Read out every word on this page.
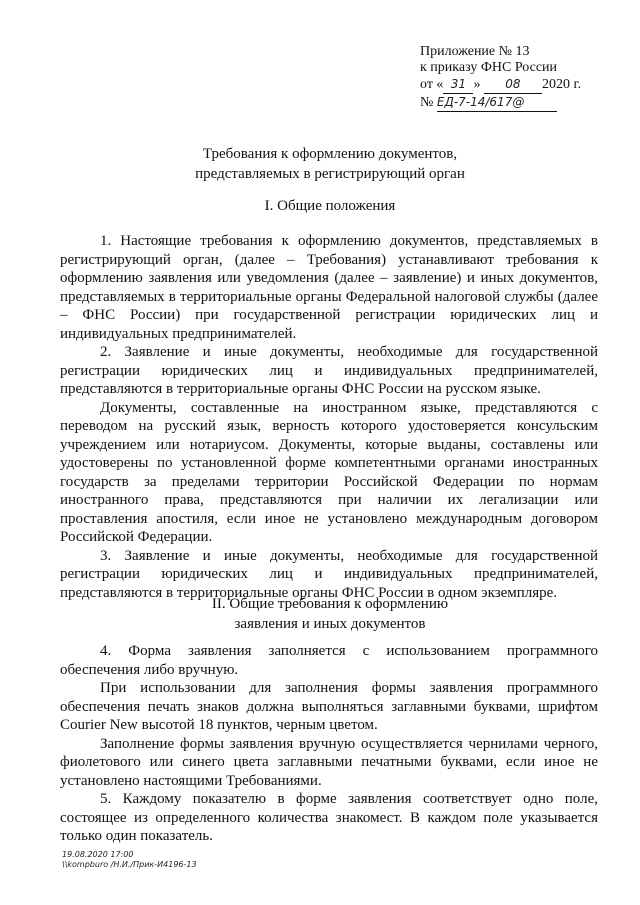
Приложение № 13
к приказу ФНС России
от « 31 » 08 2020 г.
№ ЕД-7-14/617@
Требования к оформлению документов,
представляемых в регистрирующий орган
I. Общие положения

1. Настоящие требования к оформлению документов, представляемых в регистрирующий орган, (далее – Требования) устанавливают требования к оформлению заявления или уведомления (далее – заявление) и иных документов, представляемых в территориальные органы Федеральной налоговой службы (далее – ФНС России) при государственной регистрации юридических лиц и индивидуальных предпринимателей.

2. Заявление и иные документы, необходимые для государственной регистрации юридических лиц и индивидуальных предпринимателей, представляются в территориальные органы ФНС России на русском языке.

Документы, составленные на иностранном языке, представляются с переводом на русский язык, верность которого удостоверяется консульским учреждением или нотариусом. Документы, которые выданы, составлены или удостоверены по установленной форме компетентными органами иностранных государств за пределами территории Российской Федерации по нормам иностранного права, представляются при наличии их легализации или проставления апостиля, если иное не установлено международным договором Российской Федерации.

3. Заявление и иные документы, необходимые для государственной регистрации юридических лиц и индивидуальных предпринимателей, представляются в территориальные органы ФНС России в одном экземпляре.

II. Общие требования к оформлению
заявления и иных документов

4. Форма заявления заполняется с использованием программного обеспечения либо вручную.

При использовании для заполнения формы заявления программного обеспечения печать знаков должна выполняться заглавными буквами, шрифтом Courier New высотой 18 пунктов, черным цветом.

Заполнение формы заявления вручную осуществляется чернилами черного, фиолетового или синего цвета заглавными печатными буквами, если иное не установлено настоящими Требованиями.

5. Каждому показателю в форме заявления соответствует одно поле, состоящее из определенного количества знакомест. В каждом поле указывается только один показатель.

19.08.2020 17:00
\\kompburo /Н.И./Прик-И4196-13
